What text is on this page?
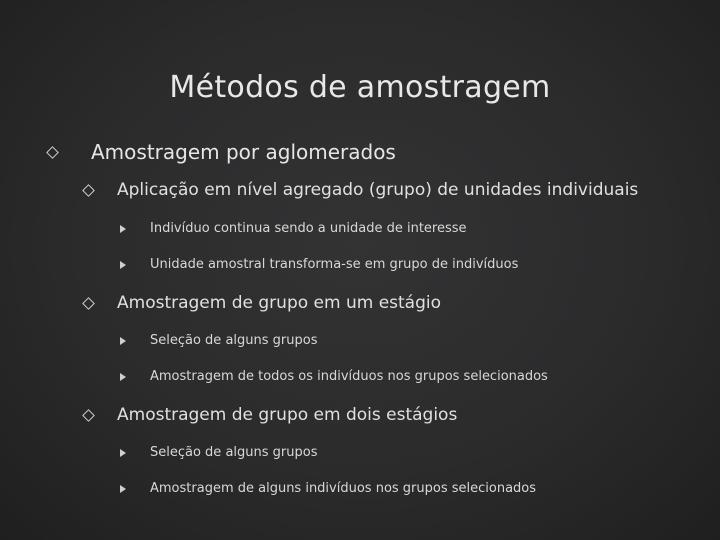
Métodos de amostragem
Amostragem por aglomerados
Aplicação em nível agregado (grupo) de unidades individuais
Indivíduo continua sendo a unidade de interesse
Unidade amostral transforma-se em grupo de indivíduos
Amostragem de grupo em um estágio
Seleção de alguns grupos
Amostragem de todos os indivíduos nos grupos selecionados
Amostragem de grupo em dois estágios
Seleção de alguns grupos
Amostragem de alguns indivíduos nos grupos selecionados
